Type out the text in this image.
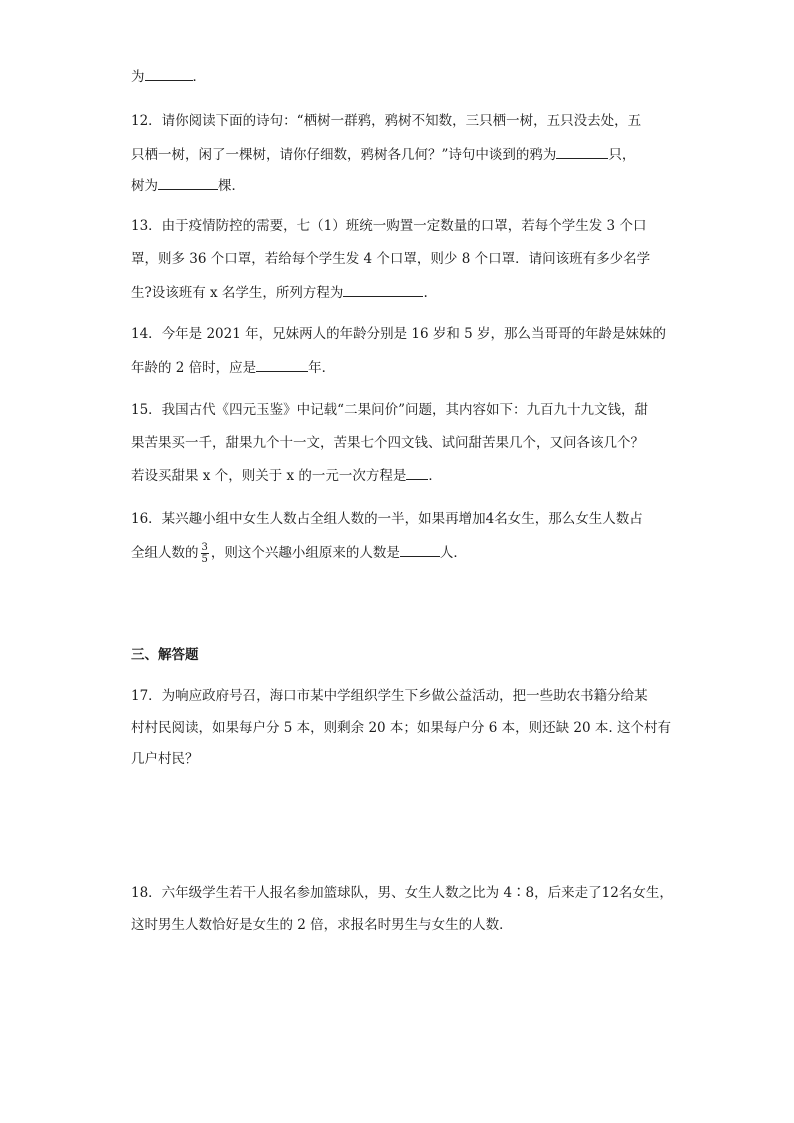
为	．
12．请你阅读下面的诗句：“栖树一群鸦，鸦树不知数，三只栖一树，五只没去处，五
只栖一树，闲了一棵树，请你仔细数，鸦树各几何？”诗句中谈到的鸦为	只，
树为	棵．
13．由于疫情防控的需要，七（1）班统一购置一定数量的口罩，若每个学生发 3 个口
罩，则多 36 个口罩，若给每个学生发 4 个口罩，则少 8 个口罩．请问该班有多少名学
生?设该班有 x 名学生，所列方程为	.
14．今年是 2021 年，兄妹两人的年龄分别是 16 岁和 5 岁，那么当哥哥的年龄是妹妹的
年龄的 2 倍时，应是	年．
15．我国古代《四元玉鉴》中记载“二果问价”问题，其内容如下：九百九十九文钱，甜
果苦果买一千，甜果九个十一文，苦果七个四文钱、试问甜苦果几个，又问各该几个？
若设买甜果 x 个，则关于 x 的一元一次方程是 ．
16．某兴趣小组中女生人数占全组人数的一半，如果再增加4名女生，那么女生人数占
全组人数的 $\frac{3}{5}$ ，则这个兴趣小组原来的人数是	人．
三、解答题
17．为响应政府号召，海口市某中学组织学生下乡做公益活动，把一些助农书籍分给某
村村民阅读，如果每户分 5 本，则剩余 20 本；如果每户分 6 本，则还缺 20 本. 这个村有
几户村民？
18．六年级学生若干人报名参加篮球队，男、女生人数之比为 4∶8，后来走了12名女生，
这时男生人数恰好是女生的 2 倍，求报名时男生与女生的人数．
